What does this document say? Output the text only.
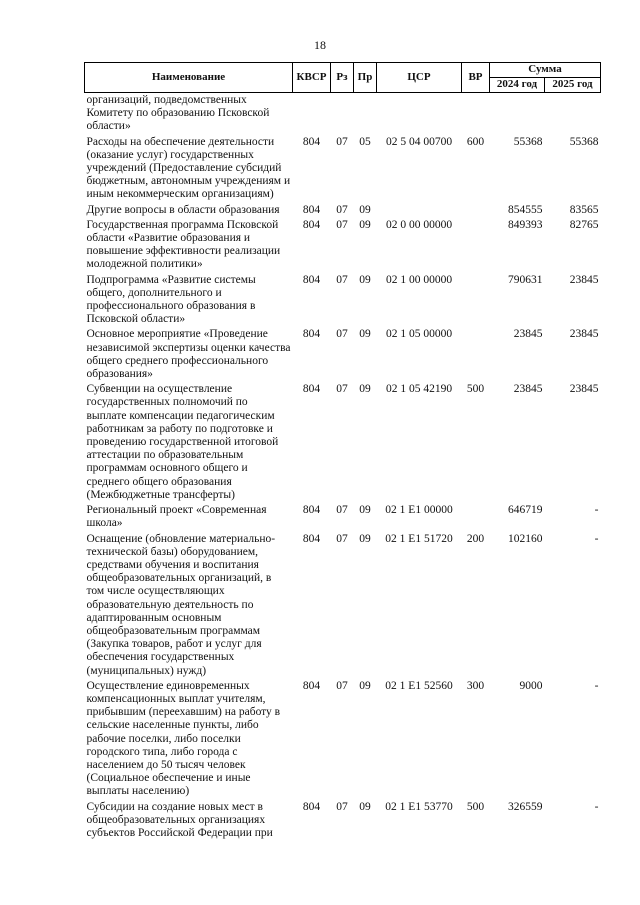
18
Наименование	КВСР	Рз	Пр	ЦСР	ВР	Сумма	
						2024 год	2025 год
организаций, подведомственных Комитету по образованию Псковской области»							
Расходы на обеспечение деятельности (оказание услуг) государственных учреждений (Предоставление субсидий бюджетным, автономным учреждениям и иным некоммерческим организациям)	804	07	05	02 5 04 00700	600	55368	55368
Другие вопросы в области образования	804	07	09			854555	83565
Государственная программа Псковской области «Развитие образования и повышение эффективности реализации молодежной политики»	804	07	09	02 0 00 00000		849393	82765
Подпрограмма «Развитие системы общего, дополнительного и профессионального образования в Псковской области»	804	07	09	02 1 00 00000		790631	23845
Основное мероприятие «Проведение независимой экспертизы оценки качества общего среднего профессионального образования»	804	07	09	02 1 05 00000		23845	23845
Субвенции на осуществление государственных полномочий по выплате компенсации педагогическим работникам за работу по подготовке и проведению государственной итоговой аттестации по образовательным программам основного общего и среднего общего образования (Межбюджетные трансферты)	804	07	09	02 1 05 42190	500	23845	23845
Региональный проект «Современная школа»	804	07	09	02 1 E1 00000		646719	-
Оснащение (обновление материально-технической базы) оборудованием, средствами обучения и воспитания общеобразовательных организаций, в том числе осуществляющих образовательную деятельность по адаптированным основным общеобразовательным программам (Закупка товаров, работ и услуг для обеспечения государственных (муниципальных) нужд)	804	07	09	02 1 E1 51720	200	102160	-
Осуществление единовременных компенсационных выплат учителям, прибывшим (переехавшим) на работу в сельские населенные пункты, либо рабочие поселки, либо поселки городского типа, либо города с населением до 50 тысяч человек (Социальное обеспечение и иные выплаты населению)	804	07	09	02 1 E1 52560	300	9000	-
Субсидии на создание новых мест в общеобразовательных организациях субъектов Российской Федерации при	804	07	09	02 1 E1 53770	500	326559	-
